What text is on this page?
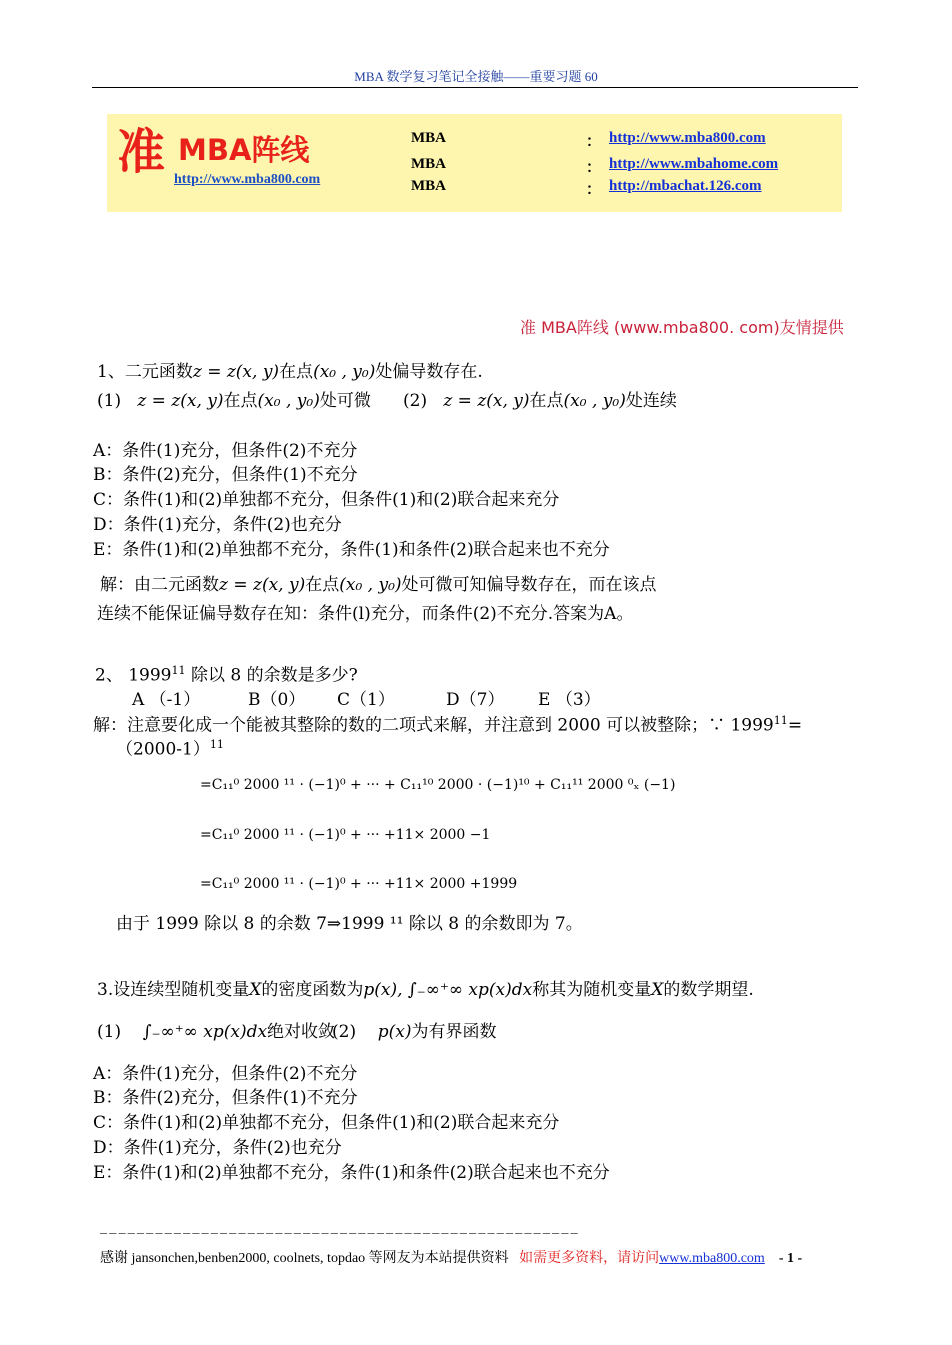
MBA 数学复习笔记全接触——重要习题 60
准 MBA阵线
http://www.mba800.com
MBA	： http://www.mba800.com
MBA	： http://www.mbahome.com
MBA	： http://mbachat.126.com
准 MBA阵线 (www.mba800. com)友情提供
1、二元函数z = z(x, y)在点(x₀ , y₀)处偏导数存在.
(1) z = z(x, y)在点(x₀ , y₀)处可微 (2) z = z(x, y)在点(x₀ , y₀)处连续
A：条件(1)充分，但条件(2)不充分
B：条件(2)充分，但条件(1)不充分
C：条件(1)和(2)单独都不充分，但条件(1)和(2)联合起来充分
D：条件(1)充分，条件(2)也充分
E：条件(1)和(2)单独都不充分，条件(1)和条件(2)联合起来也不充分
解：由二元函数z = z(x, y)在点(x₀ , y₀)处可微可知偏导数存在，而在该点
连续不能保证偏导数存在知：条件(l)充分，而条件(2)不充分.答案为A。
2、 1999$^{11}$ 除以 8 的余数是多少?
A （-1）	B（0） C（1）	D（7） E （3）
解：注意要化成一个能被其整除的数的二项式来解，并注意到 2000 可以被整除；∵ $1999^{11}=$
$(2000-1)^{11}$
=C₁₁⁰ 2000 ¹¹ · (−1)⁰ + ··· + C₁₁¹⁰ 2000 · (−1)¹⁰ + C₁₁¹¹ 2000 ⁰ₓ (−1)
=C₁₁⁰ 2000 ¹¹ · (−1)⁰ + ··· +11× 2000 −1
=C₁₁⁰ 2000 ¹¹ · (−1)⁰ + ··· +11× 2000 +1999
由于 1999 除以 8 的余数 7⇒1999 ¹¹ 除以 8 的余数即为 7。
3.设连续型随机变量X的密度函数为p(x), ∫₋∞⁺∞ xp(x)dx称其为随机变量X的数学期望.
(1) ∫₋∞⁺∞ xp(x)dx绝对收敛
(2) p(x)为有界函数
A：条件(1)充分，但条件(2)不充分
B：条件(2)充分，但条件(1)不充分
C：条件(1)和(2)单独都不充分，但条件(1)和(2)联合起来充分
D：条件(1)充分，条件(2)也充分
E：条件(1)和(2)单独都不充分，条件(1)和条件(2)联合起来也不充分
————————————————————————————————————————————————————
感谢 jansonchen,benben2000, coolnets, topdao 等网友为本站提供资料 如需更多资料，请访问www.mba800.com - 1 -
